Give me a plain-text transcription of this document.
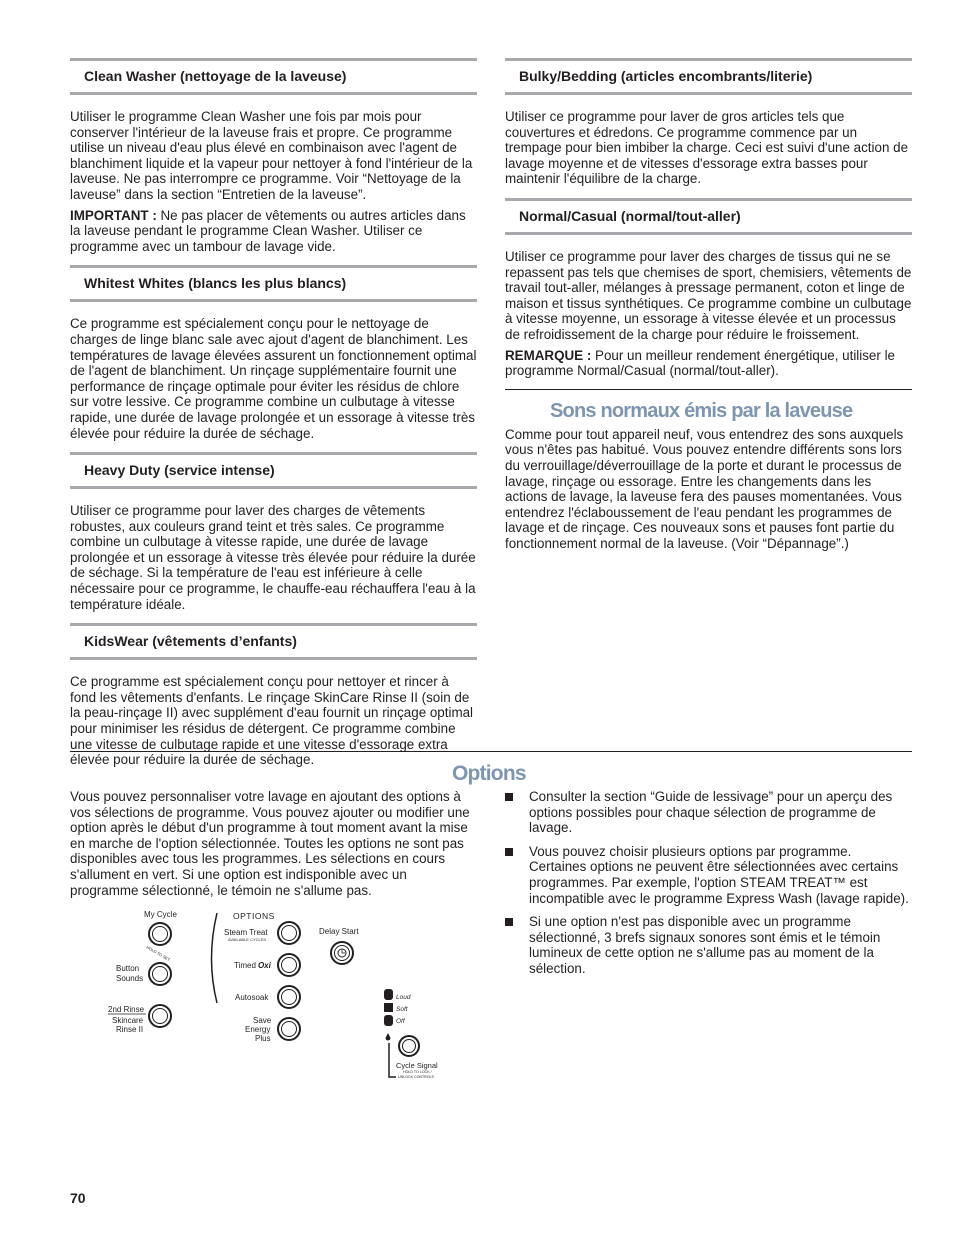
Clean Washer (nettoyage de la laveuse)

Utiliser le programme Clean Washer une fois par mois pour conserver l'intérieur de la laveuse frais et propre. Ce programme utilise un niveau d'eau plus élevé en combinaison avec l'agent de blanchiment liquide et la vapeur pour nettoyer à fond l'intérieur de la laveuse. Ne pas interrompre ce programme. Voir “Nettoyage de la laveuse” dans la section “Entretien de la laveuse”.

IMPORTANT : Ne pas placer de vêtements ou autres articles dans la laveuse pendant le programme Clean Washer. Utiliser ce programme avec un tambour de lavage vide.

Whitest Whites (blancs les plus blancs)

Ce programme est spécialement conçu pour le nettoyage de charges de linge blanc sale avec ajout d'agent de blanchiment. Les températures de lavage élevées assurent un fonctionnement optimal de l'agent de blanchiment. Un rinçage supplémentaire fournit une performance de rinçage optimale pour éviter les résidus de chlore sur votre lessive. Ce programme combine un culbutage à vitesse rapide, une durée de lavage prolongée et un essorage à vitesse très élevée pour réduire la durée de séchage.

Heavy Duty (service intense)

Utiliser ce programme pour laver des charges de vêtements robustes, aux couleurs grand teint et très sales. Ce programme combine un culbutage à vitesse rapide, une durée de lavage prolongée et un essorage à vitesse très élevée pour réduire la durée de séchage. Si la température de l'eau est inférieure à celle nécessaire pour ce programme, le chauffe-eau réchauffera l'eau à la température idéale.

KidsWear (vêtements d’enfants)

Ce programme est spécialement conçu pour nettoyer et rincer à fond les vêtements d'enfants. Le rinçage SkinCare Rinse II (soin de la peau-rinçage II) avec supplément d'eau fournit un rinçage optimal pour minimiser les résidus de détergent. Ce programme combine une vitesse de culbutage rapide et une vitesse d'essorage extra élevée pour réduire la durée de séchage.

Bulky/Bedding (articles encombrants/literie)

Utiliser ce programme pour laver de gros articles tels que couvertures et édredons. Ce programme commence par un trempage pour bien imbiber la charge. Ceci est suivi d'une action de lavage moyenne et de vitesses d'essorage extra basses pour maintenir l'équilibre de la charge.

Normal/Casual (normal/tout-aller)

Utiliser ce programme pour laver des charges de tissus qui ne se repassent pas tels que chemises de sport, chemisiers, vêtements de travail tout-aller, mélanges à pressage permanent, coton et linge de maison et tissus synthétiques. Ce programme combine un culbutage à vitesse moyenne, un essorage à vitesse élevée et un processus de refroidissement de la charge pour réduire le froissement.

REMARQUE : Pour un meilleur rendement énergétique, utiliser le programme Normal/Casual (normal/tout-aller).

Sons normaux émis par la laveuse

Comme pour tout appareil neuf, vous entendrez des sons auxquels vous n'êtes pas habitué. Vous pouvez entendre différents sons lors du verrouillage/déverrouillage de la porte et durant le processus de lavage, rinçage ou essorage. Entre les changements dans les actions de lavage, la laveuse fera des pauses momentanées. Vous entendrez l'éclaboussement de l'eau pendant les programmes de lavage et de rinçage. Ces nouveaux sons et pauses font partie du fonctionnement normal de la laveuse. (Voir “Dépannage”.)

Options
Vous pouvez personnaliser votre lavage en ajoutant des options à vos sélections de programme. Vous pouvez ajouter ou modifier une option après le début d'un programme à tout moment avant la mise en marche de l'option sélectionnée. Toutes les options ne sont pas disponibles avec tous les programmes. Les sélections en cours s'allument en vert. Si une option est indisponible avec un programme sélectionné, le témoin ne s'allume pas.
Consulter la section “Guide de lessivage” pour un aperçu des options possibles pour chaque sélection de programme de lavage.
Vous pouvez choisir plusieurs options par programme. Certaines options ne peuvent être sélectionnées avec certains programmes. Par exemple, l'option STEAM TREAT™ est incompatible avec le programme Express Wash (lavage rapide).
Si une option n'est pas disponible avec un programme sélectionné, 3 brefs signaux sonores sont émis et le témoin lumineux de cette option ne s'allume pas au moment de la sélection.
My Cycle
HOLD TO SET
Button
Sounds
2nd Rinse
Skincare
Rinse II
OPTIONS
Steam Treat
AVAILABLE CYCLES
Timed Oxi
Autosoak
Save
Energy
Plus
Delay Start
Loud
Soft
Off
Cycle Signal
HOLD TO LOCK /
UNLOCK CONTROLS
70
